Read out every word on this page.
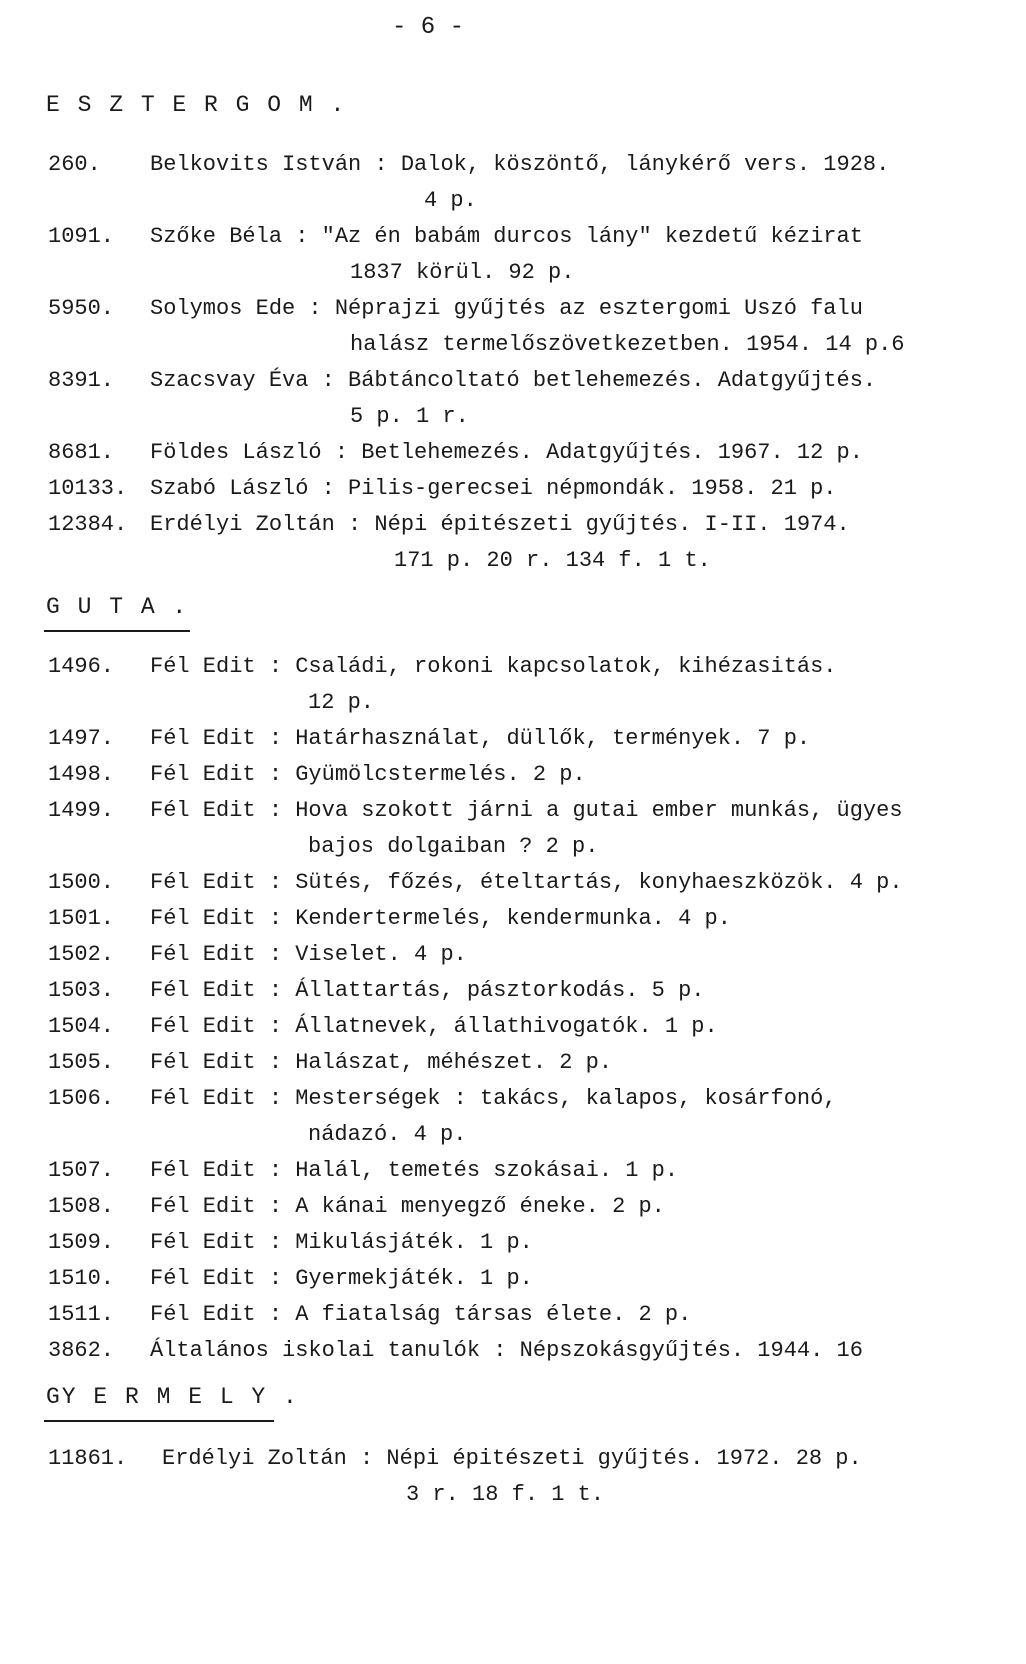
- 6 -
E S Z T E R G O M .
260. Belkovits István : Dalok, köszöntő, lánykérő vers. 1928.
4 p.
1091. Szőke Béla : "Az én babám durcos lány" kezdetű kézirat
1837 körül. 92 p.
5950. Solymos Ede : Néprajzi gyűjtés az esztergomi Uszó falu
halász termelőszövetkezetben. 1954. 14 p.6
8391. Szacsvay Éva : Bábtáncoltató betlehemezés. Adatgyűjtés.
5 p. 1 r.
8681. Földes László : Betlehemezés. Adatgyűjtés. 1967. 12 p.
10133. Szabó László : Pilis-gerecsei népmondák. 1958. 21 p.
12384. Erdélyi Zoltán : Népi épitészeti gyűjtés. I-II. 1974.
171 p. 20 r. 134 f. 1 t.
G U T A .
1496. Fél Edit : Családi, rokoni kapcsolatok, kihézasitás.
12 p.
1497. Fél Edit : Határhasználat, düllők, termények. 7 p.
1498. Fél Edit : Gyümölcstermelés. 2 p.
1499. Fél Edit : Hova szokott járni a gutai ember munkás, ügyes
bajos dolgaiban ? 2 p.
1500. Fél Edit : Sütés, főzés, ételtartás, konyhaeszközök. 4 p.
1501. Fél Edit : Kendertermelés, kendermunka. 4 p.
1502. Fél Edit : Viselet. 4 p.
1503. Fél Edit : Állattartás, pásztorkodás. 5 p.
1504. Fél Edit : Állatnevek, állathivogatók. 1 p.
1505. Fél Edit : Halászat, méhészet. 2 p.
1506. Fél Edit : Mesterségek : takács, kalapos, kosárfonó,
nádazó. 4 p.
1507. Fél Edit : Halál, temetés szokásai. 1 p.
1508. Fél Edit : A kánai menyegző éneke. 2 p.
1509. Fél Edit : Mikulásjáték. 1 p.
1510. Fél Edit : Gyermekjáték. 1 p.
1511. Fél Edit : A fiatalság társas élete. 2 p.
3862. Általános iskolai tanulók : Népszokásgyűjtés. 1944. 16
GY E R M E L Y .
11861. Erdélyi Zoltán : Népi épitészeti gyűjtés. 1972. 28 p.
3 r. 18 f. 1 t.
